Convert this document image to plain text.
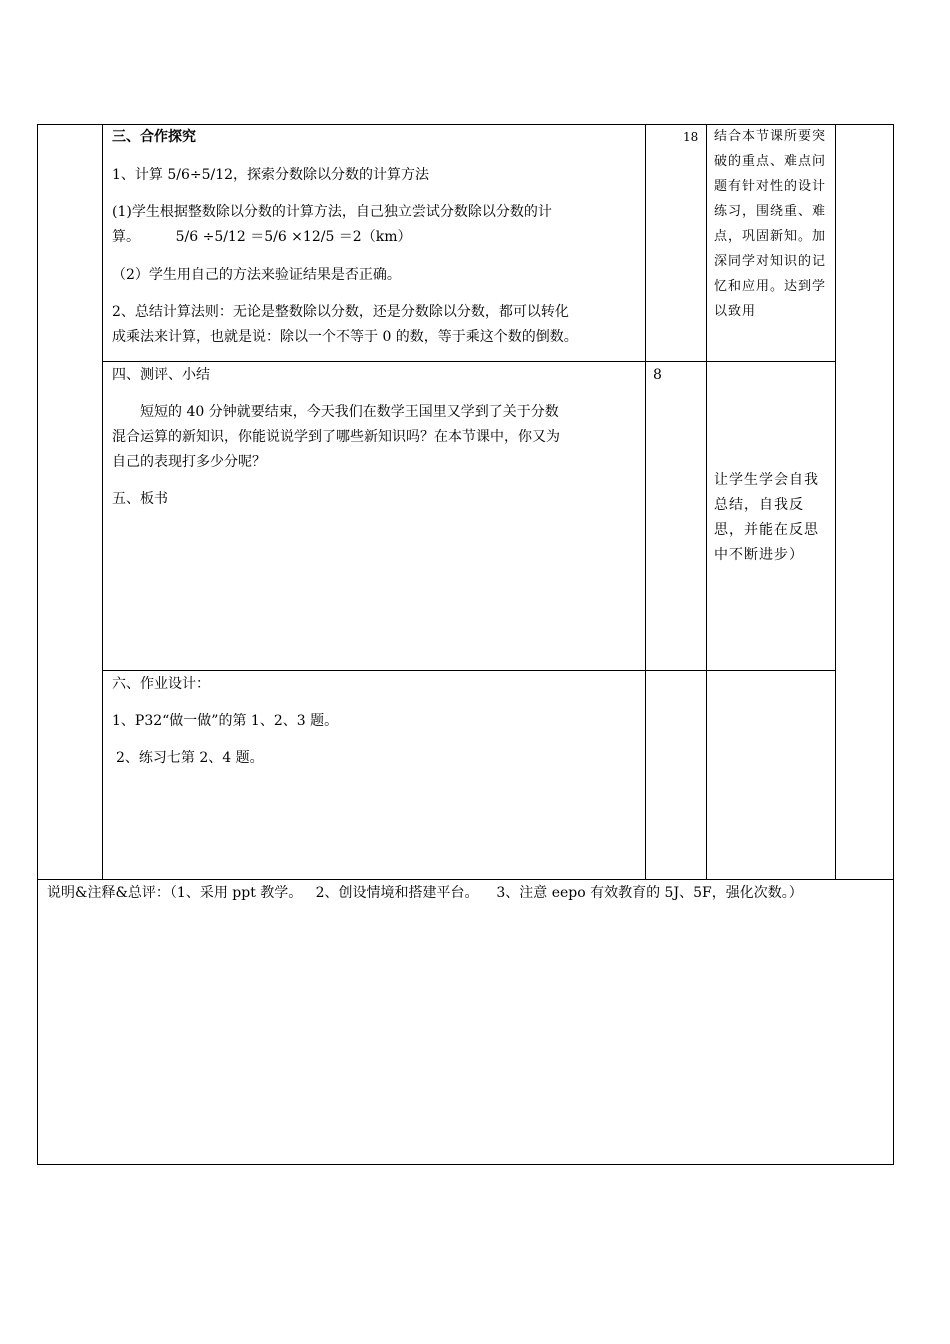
三、合作探究
1、计算 5/6÷5/12，探索分数除以分数的计算方法
(1)学生根据整数除以分数的计算方法，自己独立尝试分数除以分数的计
算。        5/6 ÷5/12 ＝5/6 ×12/5 ＝2（km）
（2）学生用自己的方法来验证结果是否正确。
2、总结计算法则：无论是整数除以分数，还是分数除以分数，都可以转化
成乘法来计算，也就是说：除以一个不等于 0 的数，等于乘这个数的倒数。
18 结合本节课所要突破的重点、难点问题有针对性的设计练习，围绕重、难点，巩固新知。加深同学对知识的记忆和应用。达到学以致用
四、测评、小结
短短的 40 分钟就要结束，今天我们在数学王国里又学到了关于分数
混合运算的新知识，你能说说学到了哪些新知识吗？在本节课中，你又为
自己的表现打多少分呢？
8
让学生学会自我总结，自我反思，并能在反思中不断进步）
五、板书
六、作业设计：
1、P32“做一做”的第 1、2、3 题。
2、练习七第 2、4 题。
说明&注释&总评：（1、采用 ppt 教学。   2、创设情境和搭建平台。    3、注意 eepo 有效教育的 5J、5F，强化次数。）
